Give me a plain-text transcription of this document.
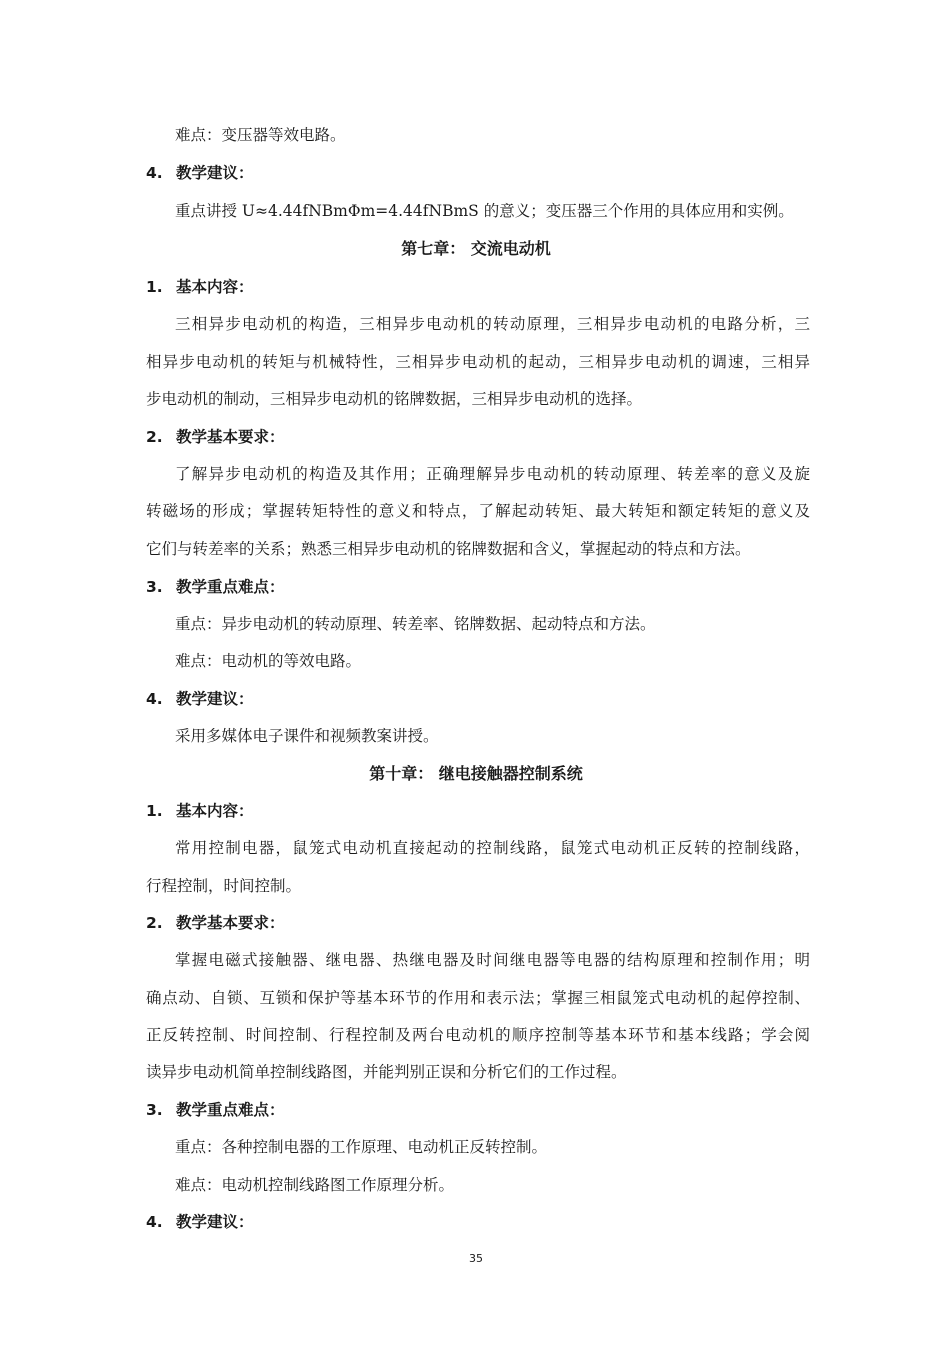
难点：变压器等效电路。
4. 教学建议：
重点讲授 U≈4.44fNBmΦm=4.44fNBmS 的意义；变压器三个作用的具体应用和实例。
第七章： 交流电动机
1. 基本内容：
三相异步电动机的构造，三相异步电动机的转动原理，三相异步电动机的电路分析，三
相异步电动机的转矩与机械特性，三相异步电动机的起动，三相异步电动机的调速，三相异
步电动机的制动，三相异步电动机的铭牌数据，三相异步电动机的选择。
2. 教学基本要求：
了解异步电动机的构造及其作用；正确理解异步电动机的转动原理、转差率的意义及旋
转磁场的形成；掌握转矩特性的意义和特点，了解起动转矩、最大转矩和额定转矩的意义及
它们与转差率的关系；熟悉三相异步电动机的铭牌数据和含义，掌握起动的特点和方法。
3. 教学重点难点：
重点：异步电动机的转动原理、转差率、铭牌数据、起动特点和方法。
难点：电动机的等效电路。
4. 教学建议：
采用多媒体电子课件和视频教案讲授。
第十章： 继电接触器控制系统
1. 基本内容：
常用控制电器，鼠笼式电动机直接起动的控制线路，鼠笼式电动机正反转的控制线路，
行程控制，时间控制。
2. 教学基本要求：
掌握电磁式接触器、继电器、热继电器及时间继电器等电器的结构原理和控制作用；明
确点动、自锁、互锁和保护等基本环节的作用和表示法；掌握三相鼠笼式电动机的起停控制、
正反转控制、时间控制、行程控制及两台电动机的顺序控制等基本环节和基本线路；学会阅
读异步电动机简单控制线路图，并能判别正误和分析它们的工作过程。
3. 教学重点难点：
重点：各种控制电器的工作原理、电动机正反转控制。
难点：电动机控制线路图工作原理分析。
4. 教学建议：
35
